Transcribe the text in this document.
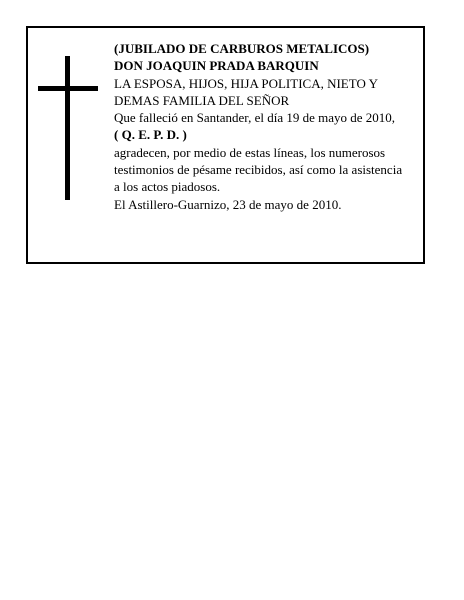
(JUBILADO DE CARBUROS METALICOS)
DON JOAQUIN PRADA BARQUIN
LA ESPOSA, HIJOS, HIJA POLITICA, NIETO Y
DEMAS FAMILIA DEL SEÑOR
Que falleció en Santander, el día 19 de mayo de 2010,
( Q. E. P. D. )
agradecen, por medio de estas líneas, los numerosos
testimonios de pésame recibidos, así como la asistencia
a los actos piadosos.
El Astillero-Guarnizo, 23 de mayo de 2010.
